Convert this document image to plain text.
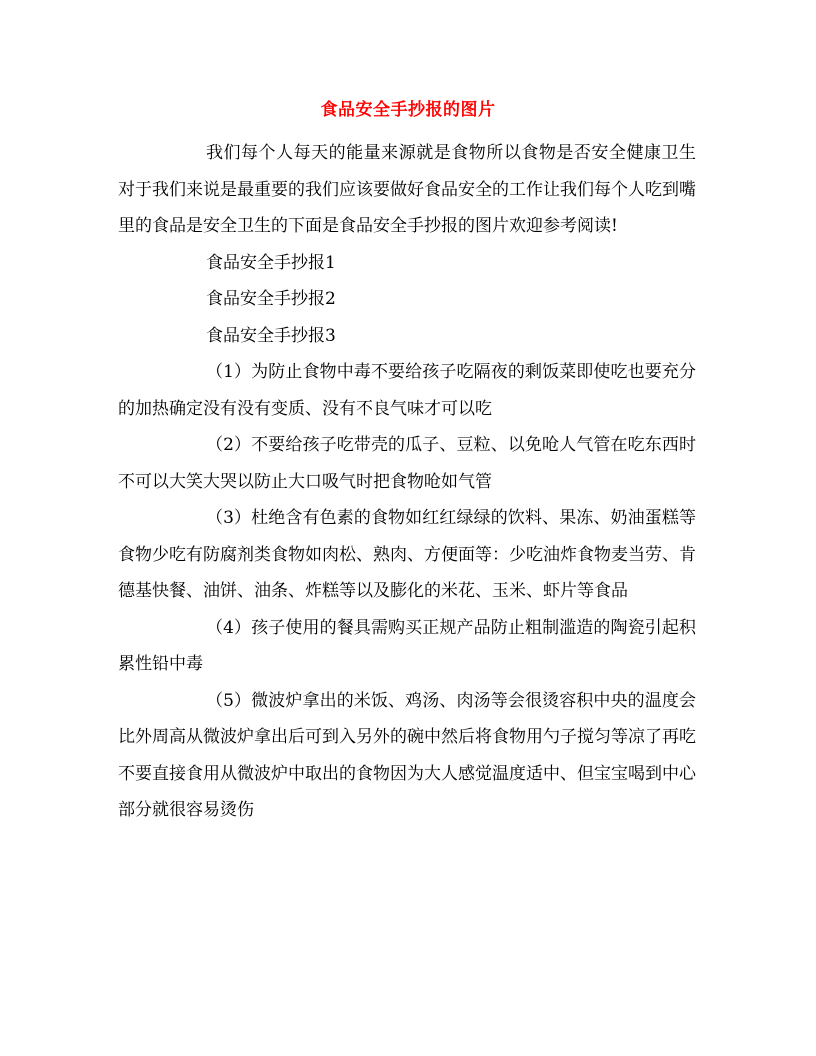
食品安全手抄报的图片

我们每个人每天的能量来源就是食物所以食物是否安全健康卫生对于我们来说是最重要的我们应该要做好食品安全的工作让我们每个人吃到嘴里的食品是安全卫生的下面是食品安全手抄报的图片欢迎参考阅读!

食品安全手抄报1

食品安全手抄报2

食品安全手抄报3

（1）为防止食物中毒不要给孩子吃隔夜的剩饭菜即使吃也要充分的加热确定没有没有变质、没有不良气味才可以吃

（2）不要给孩子吃带壳的瓜子、豆粒、以免呛人气管在吃东西时不可以大笑大哭以防止大口吸气时把食物呛如气管

（3）杜绝含有色素的食物如红红绿绿的饮料、果冻、奶油蛋糕等食物少吃有防腐剂类食物如肉松、熟肉、方便面等：少吃油炸食物麦当劳、肯德基快餐、油饼、油条、炸糕等以及膨化的米花、玉米、虾片等食品

（4）孩子使用的餐具需购买正规产品防止粗制滥造的陶瓷引起积累性铅中毒

（5）微波炉拿出的米饭、鸡汤、肉汤等会很烫容积中央的温度会比外周高从微波炉拿出后可到入另外的碗中然后将食物用勺子搅匀等凉了再吃不要直接食用从微波炉中取出的食物因为大人感觉温度适中、但宝宝喝到中心部分就很容易烫伤
